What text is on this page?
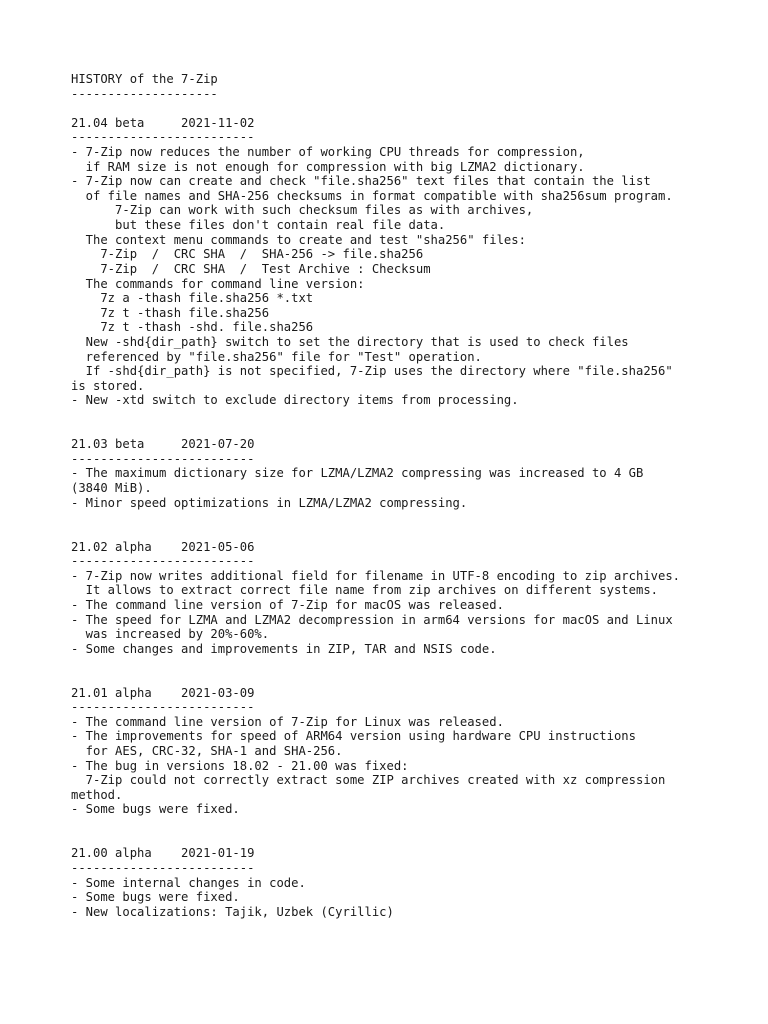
HISTORY of the 7-Zip
--------------------
21.04 beta     2021-11-02
-------------------------
- 7-Zip now reduces the number of working CPU threads for compression,
if RAM size is not enough for compression with big LZMA2 dictionary.
- 7-Zip now can create and check "file.sha256" text files that contain the list
of file names and SHA-256 checksums in format compatible with sha256sum program.
7-Zip can work with such checksum files as with archives,
but these files don't contain real file data.
The context menu commands to create and test "sha256" files:
7-Zip  /  CRC SHA  /  SHA-256 -> file.sha256
7-Zip  /  CRC SHA  /  Test Archive : Checksum
The commands for command line version:
7z a -thash file.sha256 *.txt
7z t -thash file.sha256
7z t -thash -shd. file.sha256
New -shd{dir_path} switch to set the directory that is used to check files
referenced by "file.sha256" file for "Test" operation.
If -shd{dir_path} is not specified, 7-Zip uses the directory where "file.sha256"
is stored.
- New -xtd switch to exclude directory items from processing.
21.03 beta     2021-07-20
-------------------------
- The maximum dictionary size for LZMA/LZMA2 compressing was increased to 4 GB
(3840 MiB).
- Minor speed optimizations in LZMA/LZMA2 compressing.
21.02 alpha    2021-05-06
-------------------------
- 7-Zip now writes additional field for filename in UTF-8 encoding to zip archives.
It allows to extract correct file name from zip archives on different systems.
- The command line version of 7-Zip for macOS was released.
- The speed for LZMA and LZMA2 decompression in arm64 versions for macOS and Linux
was increased by 20%-60%.
- Some changes and improvements in ZIP, TAR and NSIS code.
21.01 alpha    2021-03-09
-------------------------
- The command line version of 7-Zip for Linux was released.
- The improvements for speed of ARM64 version using hardware CPU instructions
for AES, CRC-32, SHA-1 and SHA-256.
- The bug in versions 18.02 - 21.00 was fixed:
7-Zip could not correctly extract some ZIP archives created with xz compression
method.
- Some bugs were fixed.
21.00 alpha    2021-01-19
-------------------------
- Some internal changes in code.
- Some bugs were fixed.
- New localizations: Tajik, Uzbek (Cyrillic)
